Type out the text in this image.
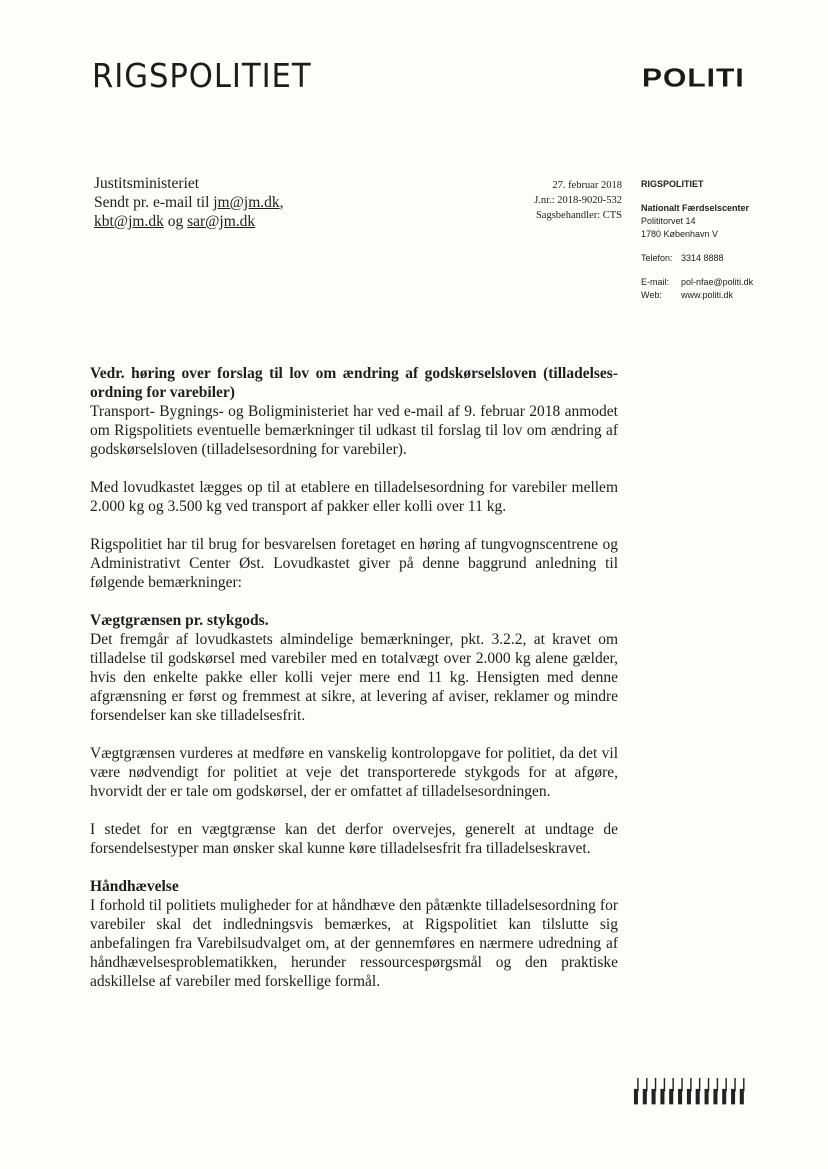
RIGSPOLITIET	POLITI
Justitsministeriet
Sendt pr. e-mail til jm@jm.dk,
kbt@jm.dk og sar@jm.dk
27. februar 2018
J.nr.: 2018-9020-532
Sagsbehandler: CTS
RIGSPOLITIET
Nationalt Færdselscenter
Polititorvet 14
1780 København V
Telefon: 3314 8888
E-mail:	pol-nfae@politi.dk
Web:	www.politi.dk

Vedr. høring over forslag til lov om ændring af godskørselsloven (tilladelsesordning for varebiler)

Transport- Bygnings- og Boligministeriet har ved e-mail af 9. februar 2018 anmodet om Rigspolitiets eventuelle bemærkninger til udkast til forslag til lov om ændring af godskørselsloven (tilladelsesordning for varebiler).

Med lovudkastet lægges op til at etablere en tilladelsesordning for varebiler mellem 2.000 kg og 3.500 kg ved transport af pakker eller kolli over 11 kg.

Rigspolitiet har til brug for besvarelsen foretaget en høring af tungvognscentrene og Administrativt Center Øst. Lovudkastet giver på denne baggrund anledning til følgende bemærkninger:

Vægtgrænsen pr. stykgods.

Det fremgår af lovudkastets almindelige bemærkninger, pkt. 3.2.2, at kravet om tilladelse til godskørsel med varebiler med en totalvægt over 2.000 kg alene gælder, hvis den enkelte pakke eller kolli vejer mere end 11 kg. Hensigten med denne afgrænsning er først og fremmest at sikre, at levering af aviser, reklamer og mindre forsendelser kan ske tilladelsesfrit.

Vægtgrænsen vurderes at medføre en vanskelig kontrolopgave for politiet, da det vil være nødvendigt for politiet at veje det transporterede stykgods for at afgøre, hvorvidt der er tale om godskørsel, der er omfattet af tilladelsesordningen.

I stedet for en vægtgrænse kan det derfor overvejes, generelt at undtage de forsendelsestyper man ønsker skal kunne køre tilladelsesfrit fra tilladelseskravet.

Håndhævelse

I forhold til politiets muligheder for at håndhæve den påtænkte tilladelsesordning for varebiler skal det indledningsvis bemærkes, at Rigspolitiet kan tilslutte sig anbefalingen fra Varebilsudvalget om, at der gennemføres en nærmere udredning af håndhævelsesproblematikken, herunder ressourcespørgsmål og den praktiske adskillelse af varebiler med forskellige formål.

|||||||||||||
▌▌▌▌▌▌▌▌▌▌▌▌▌
